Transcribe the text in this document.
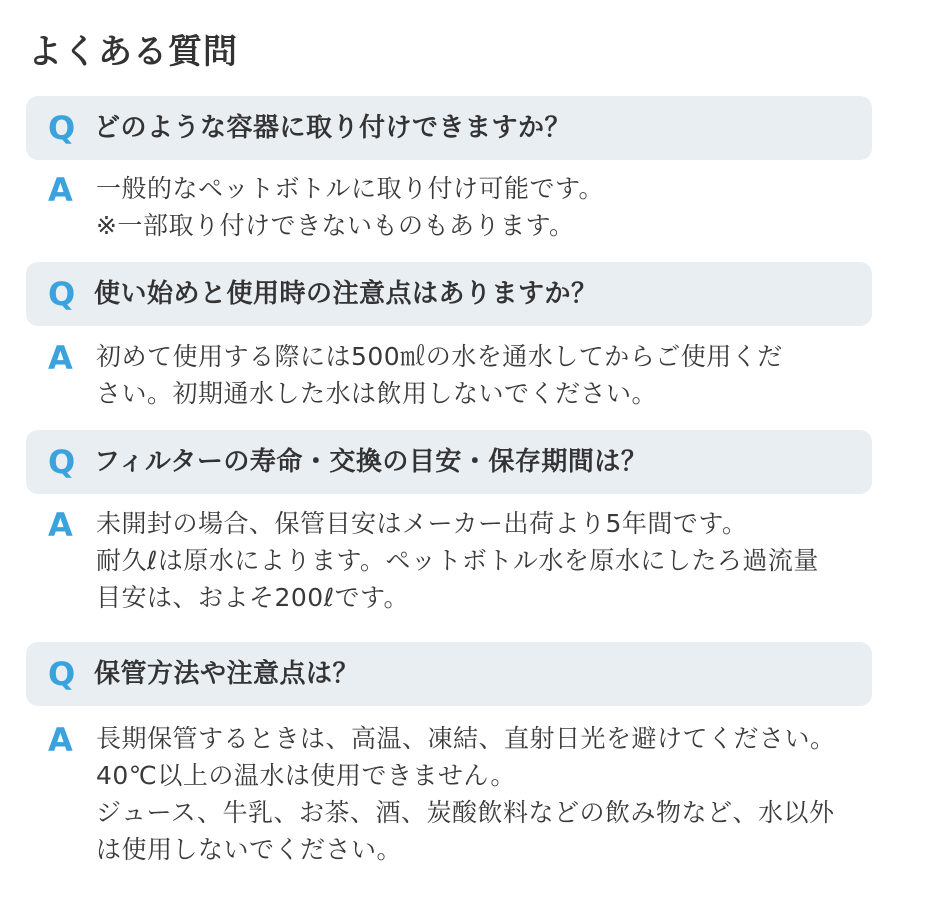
よくある質問
Q どのような容器に取り付けできますか？
A 一般的なペットボトルに取り付け可能です。
※一部取り付けできないものもあります。
Q 使い始めと使用時の注意点はありますか？
A 初めて使用する際には500㎖の水を通水してからご使用くだ
さい。初期通水した水は飲用しないでください。
Q フィルターの寿命・交換の目安・保存期間は？
A 未開封の場合、保管目安はメーカー出荷より5年間です。
耐久ℓは原水によります。ペットボトル水を原水にしたろ過流量
目安は、およそ200ℓです。
Q 保管方法や注意点は？
A 長期保管するときは、高温、凍結、直射日光を避けてください。
40℃以上の温水は使用できません。
ジュース、牛乳、お茶、酒、炭酸飲料などの飲み物など、水以外
は使用しないでください。
